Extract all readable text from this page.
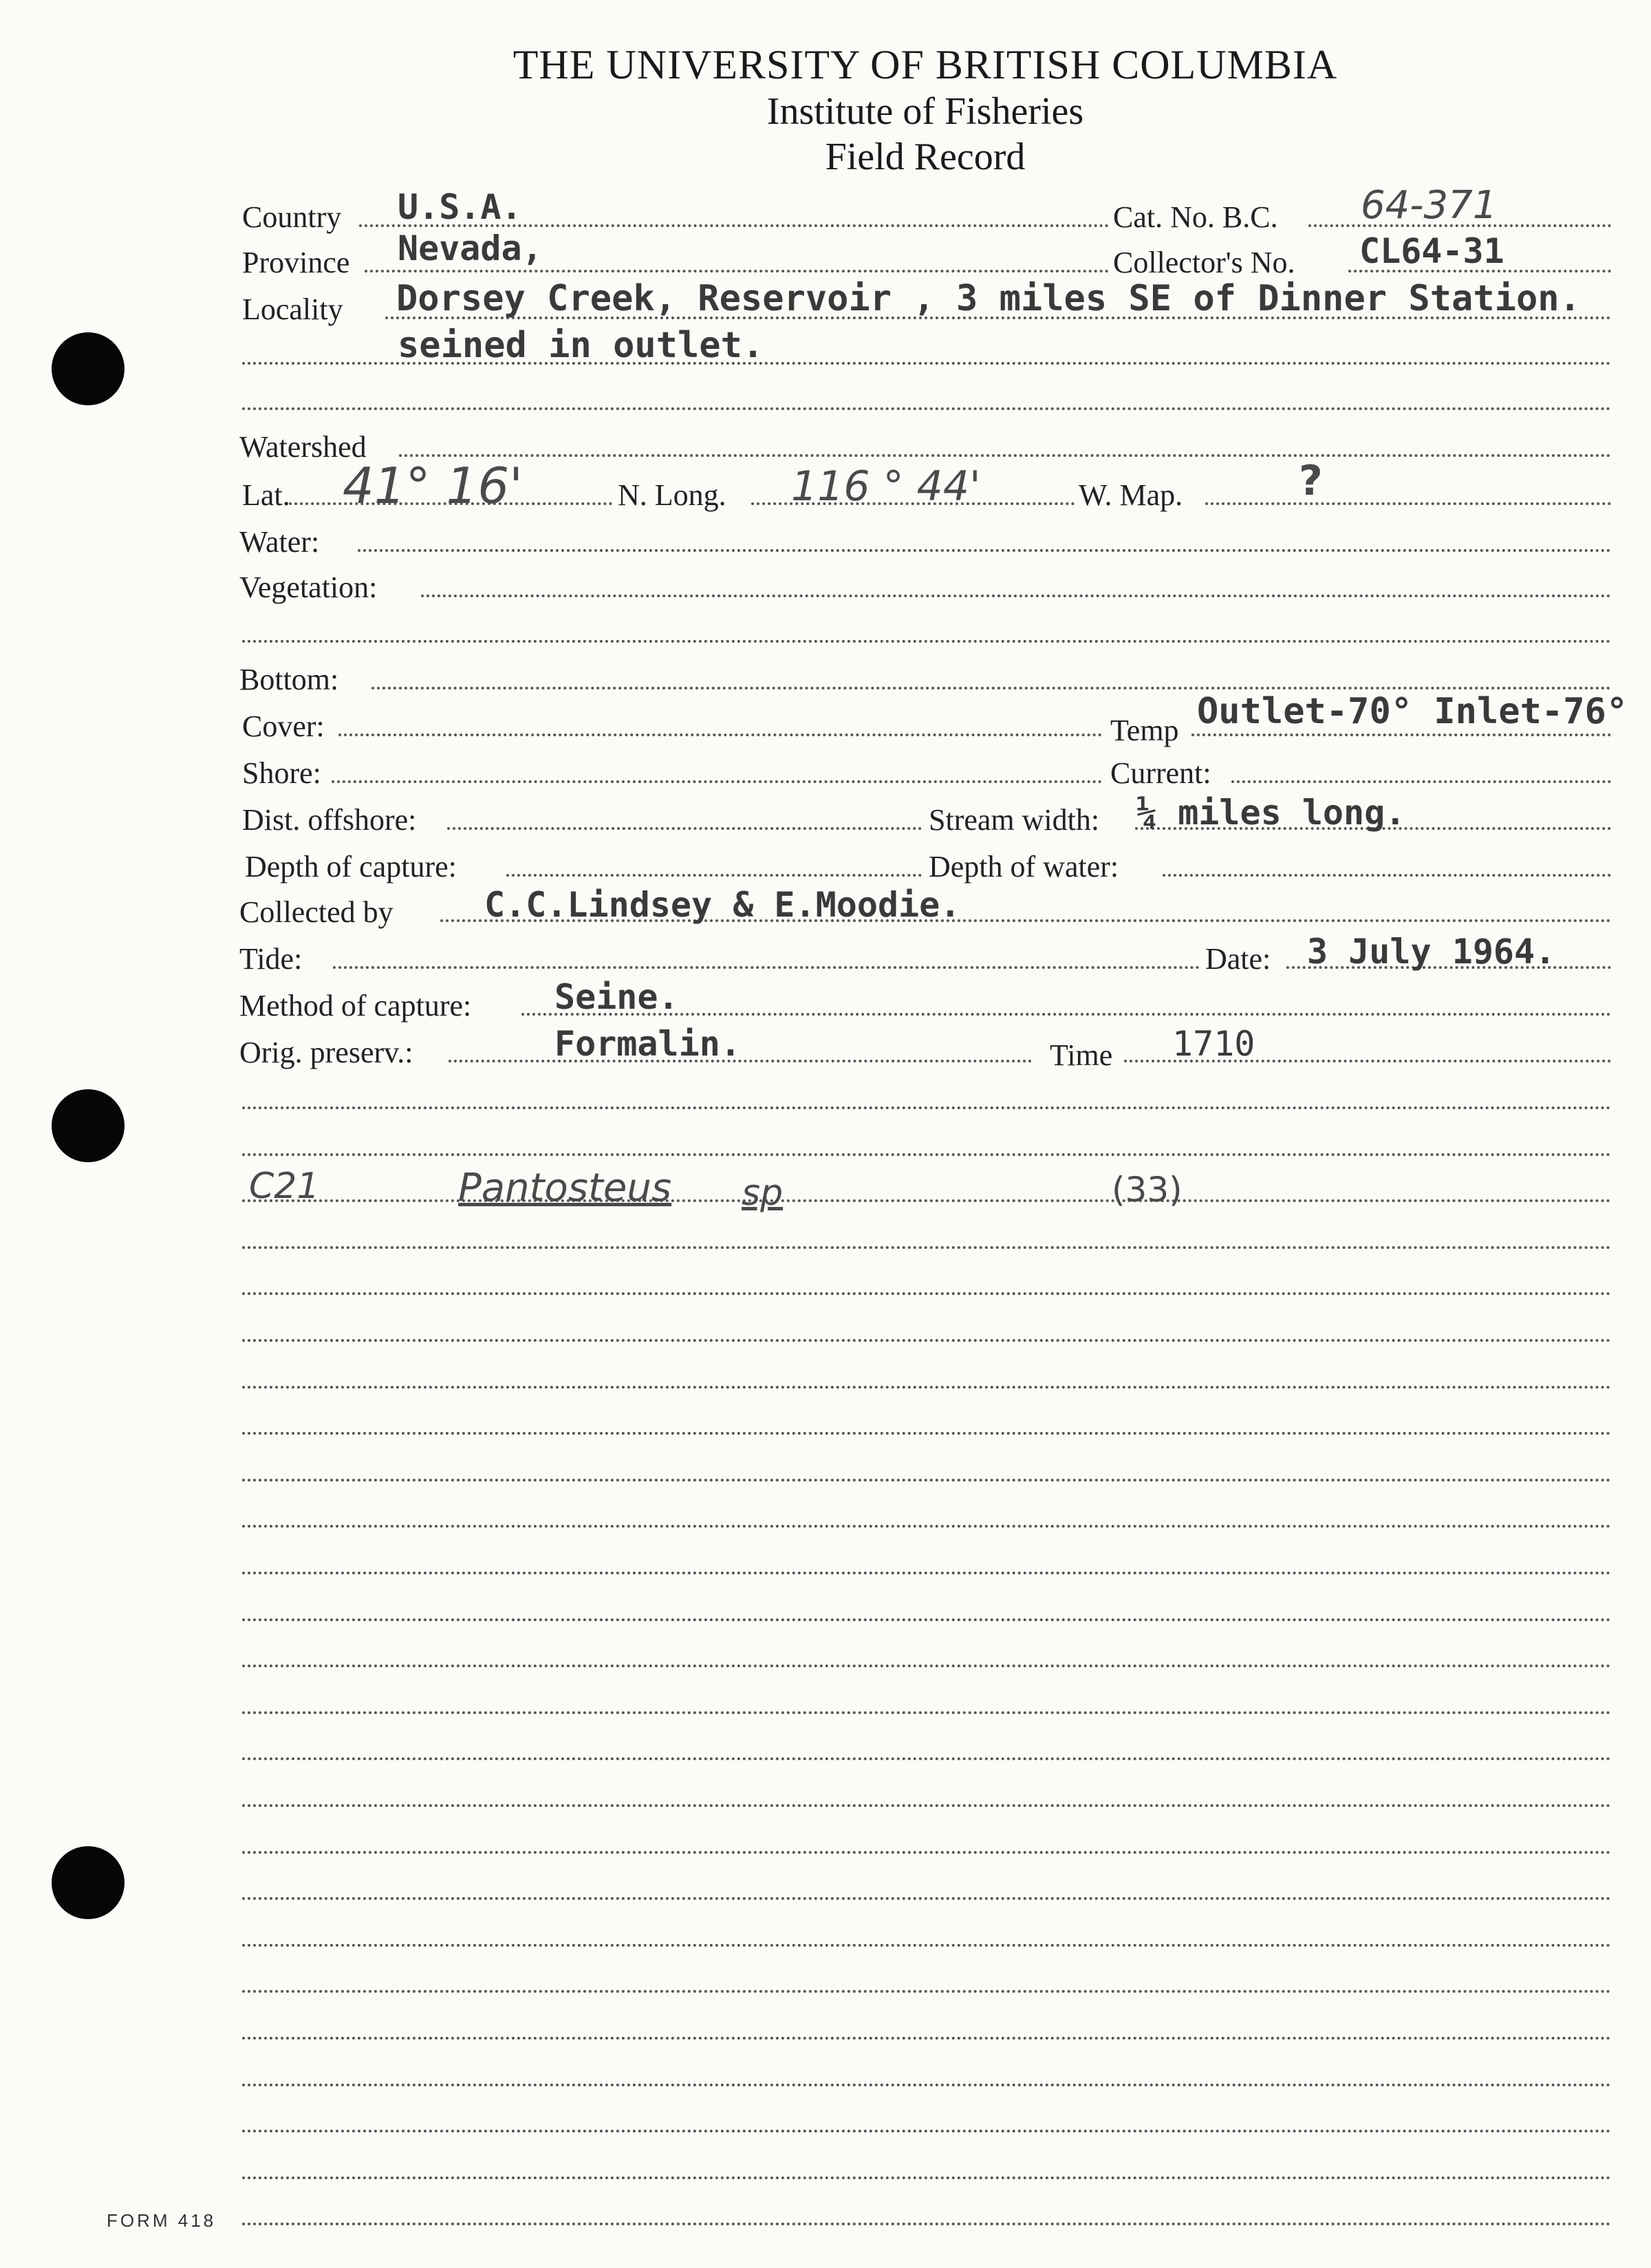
THE UNIVERSITY OF BRITISH COLUMBIA
Institute of Fisheries
Field Record
Country U.S.A.	Cat. No. B.C. 64-371
Province Nevada,	Collector's No. CL64-31
Locality Dorsey Creek, Reservoir , 3 miles SE of Dinner Station.
seined in outlet.
Watershed
Lat. 41° 16'	N. Long. 116 ° 44'	W. Map.	?
Water:
Vegetation:
Bottom:
Cover:	Temp Outlet-70° Inlet-76°
Shore:	Current:
Dist. offshore:	Stream width: ¼ miles long.
Depth of capture:	Depth of water:
Collected by	C.C.Lindsey & E.Moodie.
Tide:	Date: 3 July 1964.
Method of capture: Seine.
Orig. preserv.:	Formalin.	Time 1710
C21	Pantosteus sp	(33)
FORM 418
